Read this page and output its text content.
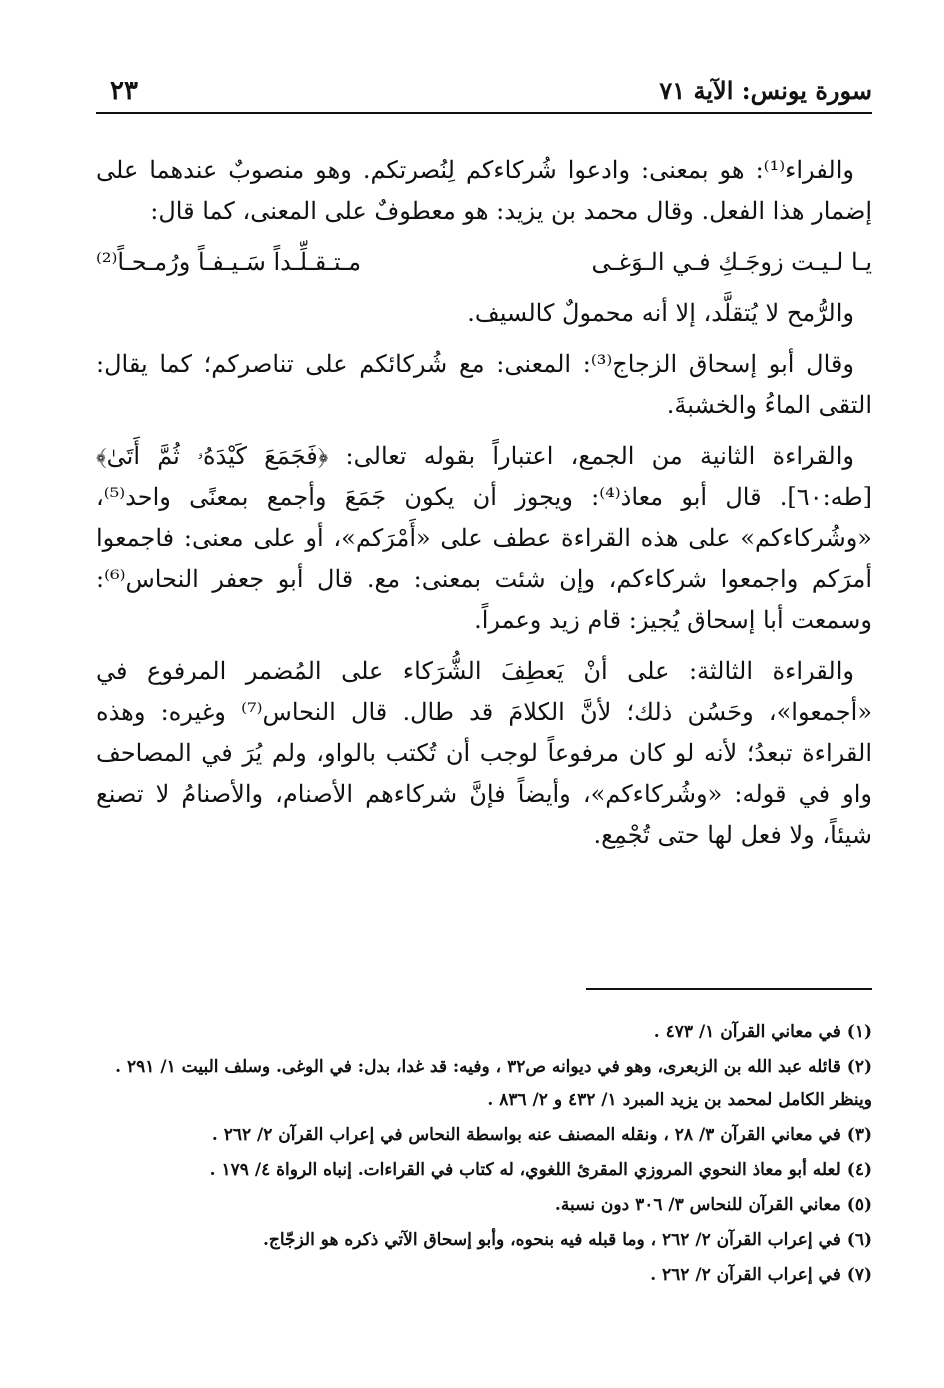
سورة يونس: الآية ٧١
٢٣

والفراء⁽¹⁾: هو بمعنى: وادعوا شُركاءكم لِنُصرتكم. وهو منصوبٌ عندهما على إضمار هذا الفعل. وقال محمد بن يزيد: هو معطوفٌ على المعنى، كما قال:

يـا لـيـت زوجَـكِ فـي الـوَغـى
مـتـقـلِّـداً سَـيـفـاً ورُمـحـاً⁽²⁾

والرُّمح لا يُتقلَّد، إلا أنه محمولٌ كالسيف.

وقال أبو إسحاق الزجاج⁽³⁾: المعنى: مع شُركائكم على تناصركم؛ كما يقال: التقى الماءُ والخشبةَ.

والقراءة الثانية من الجمع، اعتباراً بقوله تعالى: ﴿فَجَمَعَ كَيْدَهُۥ ثُمَّ أَتَىٰ﴾ [طه:٦٠]. قال أبو معاذ⁽⁴⁾: ويجوز أن يكون جَمَعَ وأجمع بمعنًى واحد⁽⁵⁾، «وشُركاءكم» على هذه القراءة عطف على «أَمْرَكم»، أو على معنى: فاجمعوا أمرَكم واجمعوا شركاءكم، وإن شئت بمعنى: مع. قال أبو جعفر النحاس⁽⁶⁾: وسمعت أبا إسحاق يُجيز: قام زيد وعمراً.

والقراءة الثالثة: على أنْ يَعطِفَ الشُّرَكاء على المُضمر المرفوع في «أجمعوا»، وحَسُن ذلك؛ لأنَّ الكلامَ قد طال. قال النحاس⁽⁷⁾ وغيره: وهذه القراءة تبعدُ؛ لأنه لو كان مرفوعاً لوجب أن تُكتب بالواو، ولم يُرَ في المصاحف واو في قوله: «وشُركاءكم»، وأيضاً فإنَّ شركاءهم الأصنام، والأصنامُ لا تصنع شيئاً، ولا فعل لها حتى تُجْمِع.

(١) في معاني القرآن ١/ ٤٧٣ .
(٢) قائله عبد الله بن الزبعرى، وهو في ديوانه ص٣٢ ، وفيه: قد غدا، بدل: في الوغى. وسلف البيت ١/ ٢٩١ . وينظر الكامل لمحمد بن يزيد المبرد ١/ ٤٣٢ و ٢/ ٨٣٦ .
(٣) في معاني القرآن ٣/ ٢٨ ، ونقله المصنف عنه بواسطة النحاس في إعراب القرآن ٢/ ٢٦٢ .
(٤) لعله أبو معاذ النحوي المروزي المقرئ اللغوي، له كتاب في القراءات. إنباه الرواة ٤/ ١٧٩ .
(٥) معاني القرآن للنحاس ٣/ ٣٠٦ دون نسبة.
(٦) في إعراب القرآن ٢/ ٢٦٢ ، وما قبله فيه بنحوه، وأبو إسحاق الآتي ذكره هو الزجّاج.
(٧) في إعراب القرآن ٢/ ٢٦٢ .
